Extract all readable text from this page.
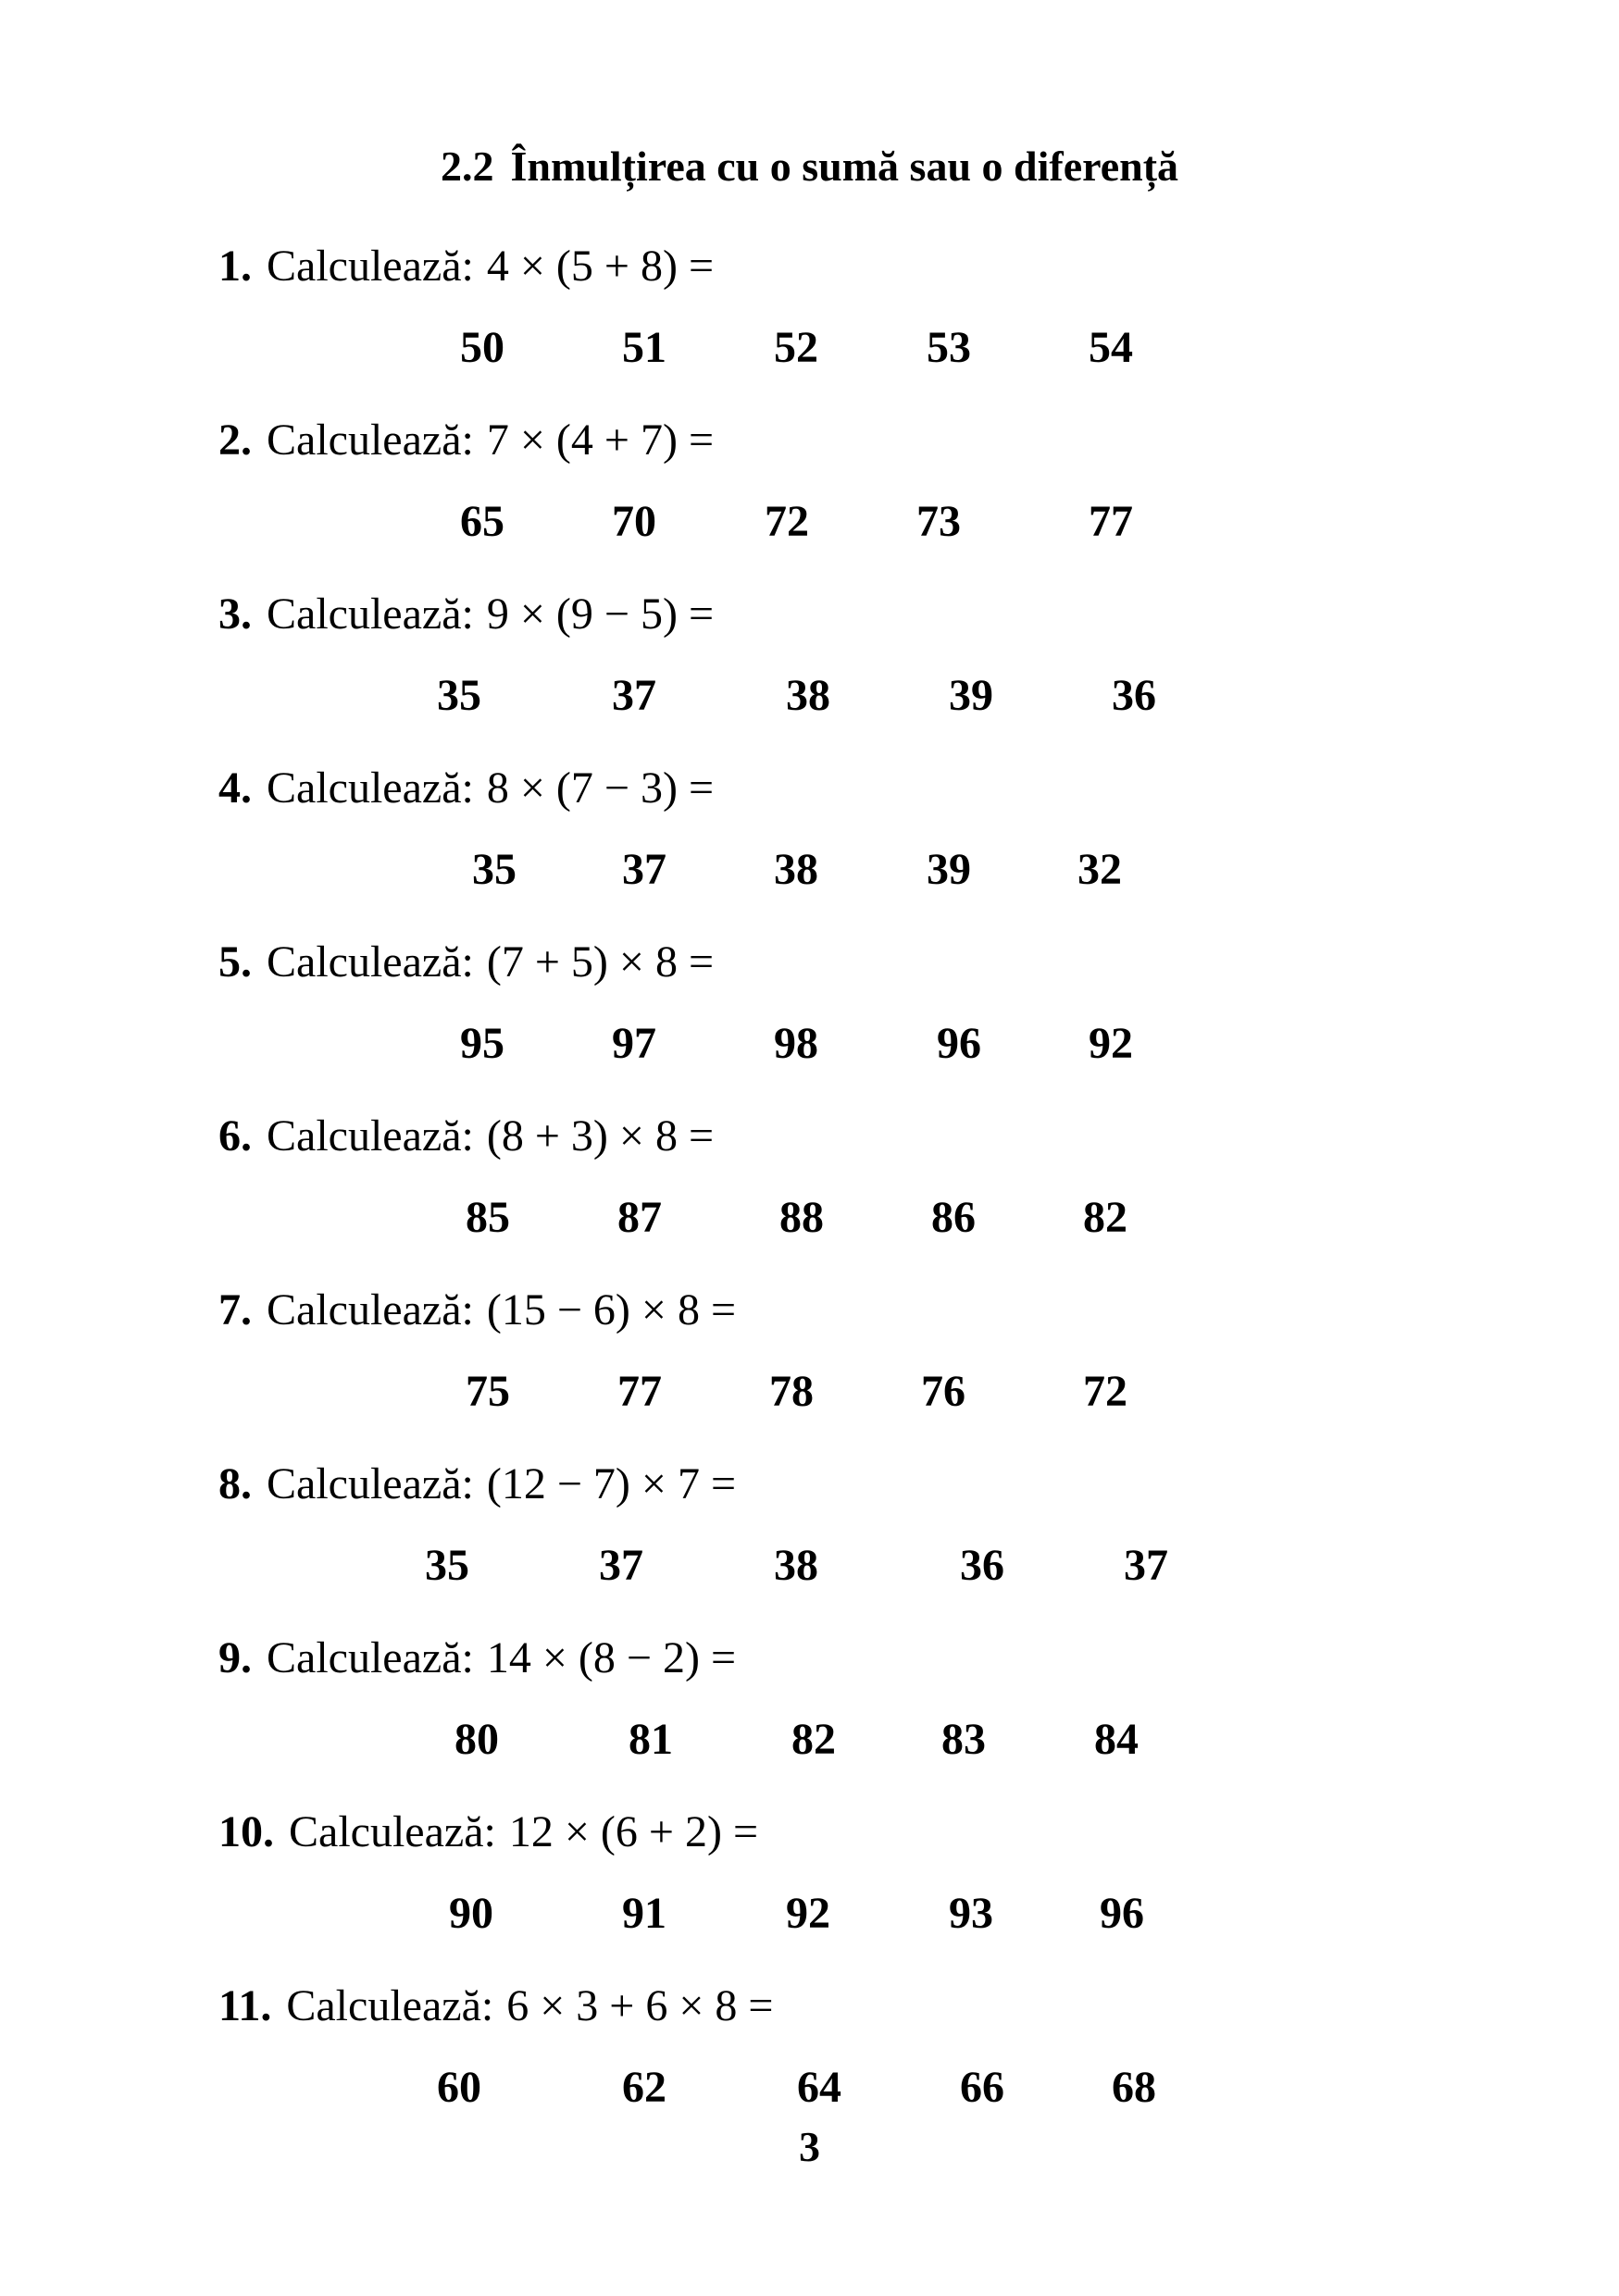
2.2 Înmulțirea cu o sumă sau o diferență
1. Calculează: 4 × (5 + 8) =
50	51 52 53	54
2. Calculează: 7 × (4 + 7) =
65 70 72 73	77
3. Calculează: 9 × (9 − 5) =
35	37	38	39	36
4. Calculează: 8 × (7 − 3) =
35 37 38 39 32
5. Calculează: (7 + 5) × 8 =
95 97	98	96 92
6. Calculează: (8 + 3) × 8 =
85 87	88 86 82
7. Calculează: (15 − 6) × 8 =
75 77 78 76	72
8. Calculează: (12 − 7) × 7 =
35	37	38	36	37
9. Calculează: 14 × (8 − 2) =
80	81	82 83 84
10. Calculează: 12 × (6 + 2) =
90	91	92	93 96
11. Calculează: 6 × 3 + 6 × 8 =
60	62	64	66 68
3
